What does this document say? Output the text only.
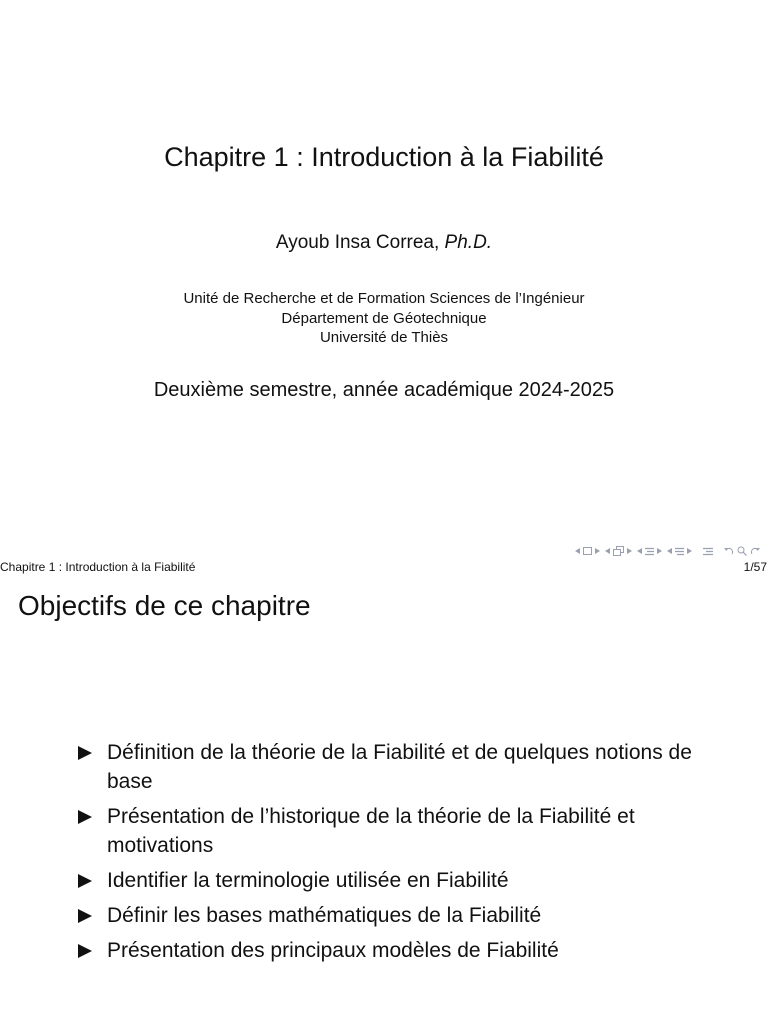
Chapitre 1 : Introduction à la Fiabilité
Ayoub Insa Correa, Ph.D.
Unité de Recherche et de Formation Sciences de l’Ingénieur
Département de Géotechnique
Université de Thiès
Deuxième semestre, année académique 2024-2025
Chapitre 1 : Introduction à la Fiabilité	1/57
Objectifs de ce chapitre
Définition de la théorie de la Fiabilité et de quelques notions de base
Présentation de l’historique de la théorie de la Fiabilité et motivations
Identifier la terminologie utilisée en Fiabilité
Définir les bases mathématiques de la Fiabilité
Présentation des principaux modèles de Fiabilité
